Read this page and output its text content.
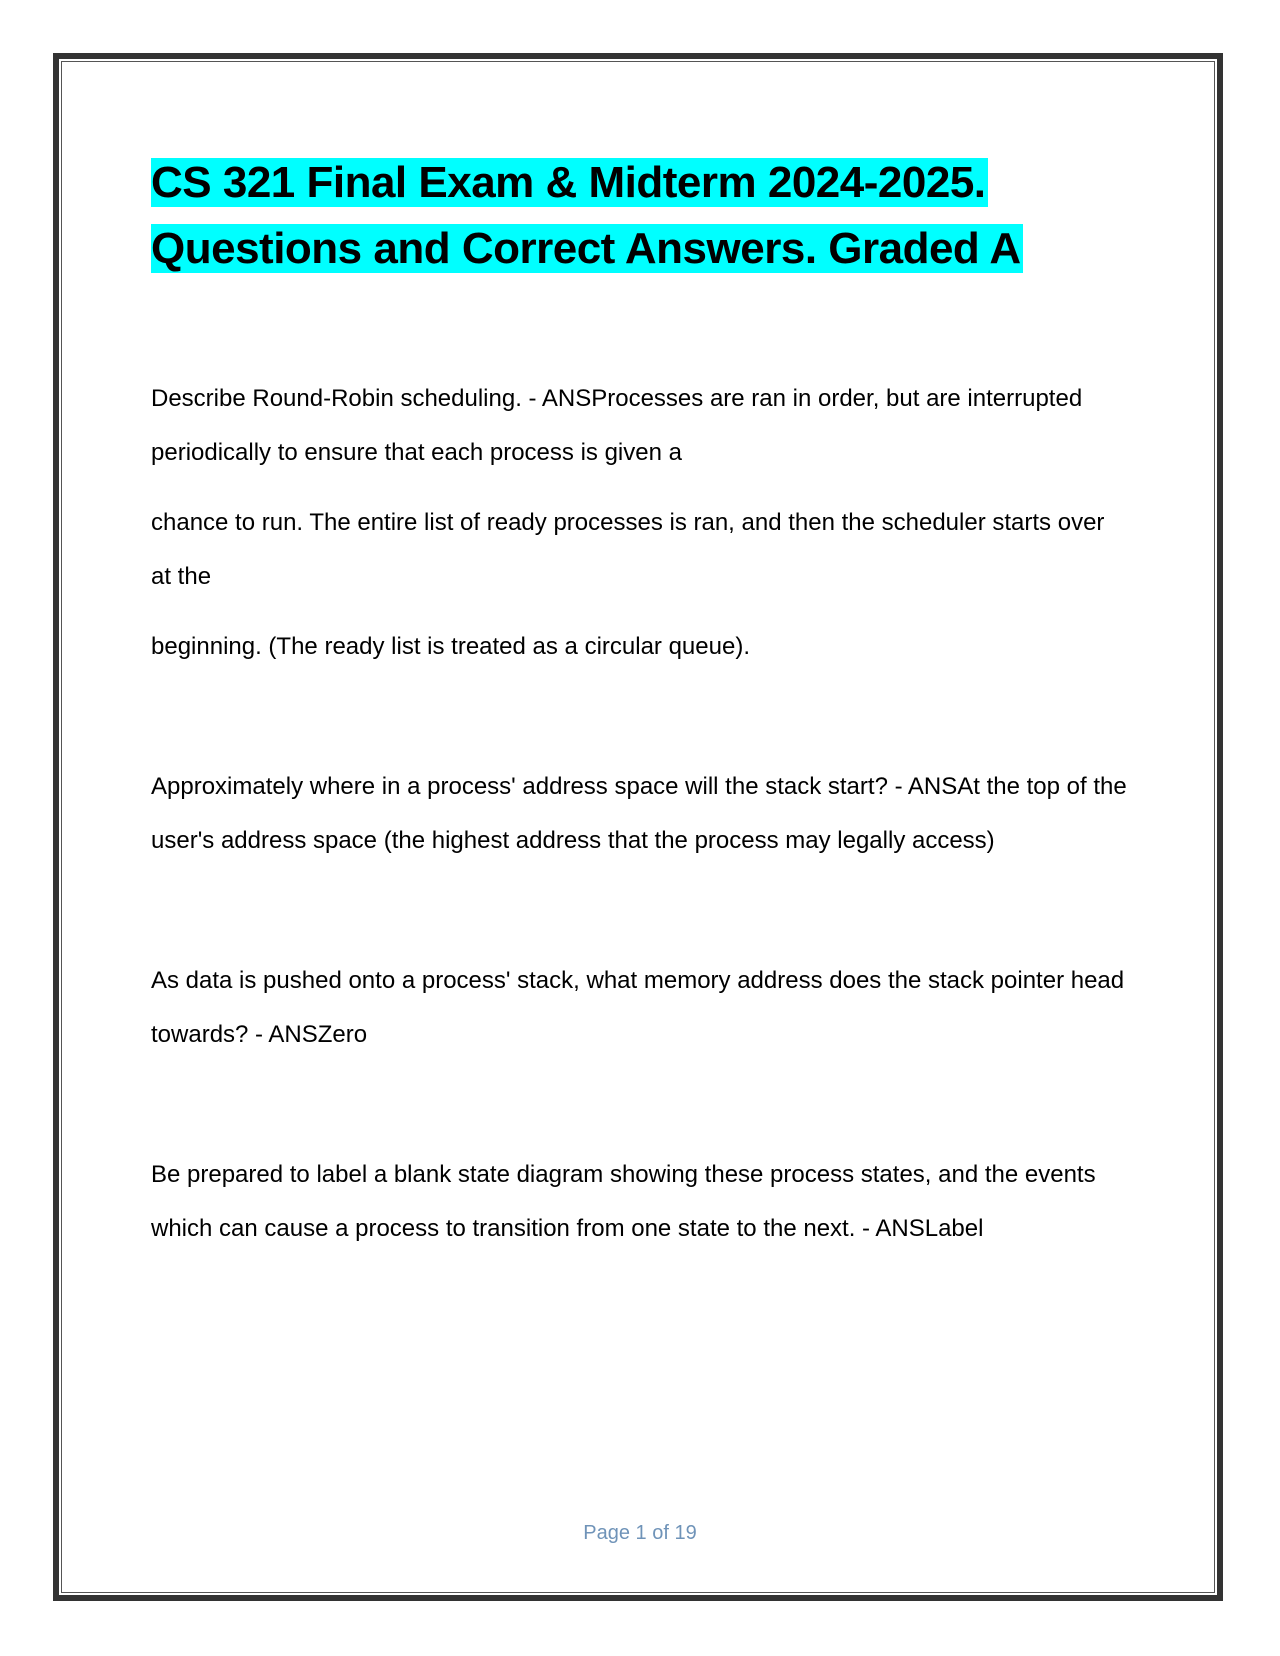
CS 321 Final Exam & Midterm 2024-2025.
Questions and Correct Answers. Graded A

Describe Round-Robin scheduling. - ANSProcesses are ran in order, but are interrupted periodically to ensure that each process is given a

chance to run. The entire list of ready processes is ran, and then the scheduler starts over at the

beginning. (The ready list is treated as a circular queue).

Approximately where in a process' address space will the stack start? - ANSAt the top of the user's address space (the highest address that the process may legally access)

As data is pushed onto a process' stack, what memory address does the stack pointer head towards? - ANSZero

Be prepared to label a blank state diagram showing these process states, and the events which can cause a process to transition from one state to the next. - ANSLabel

Page 1 of 19
